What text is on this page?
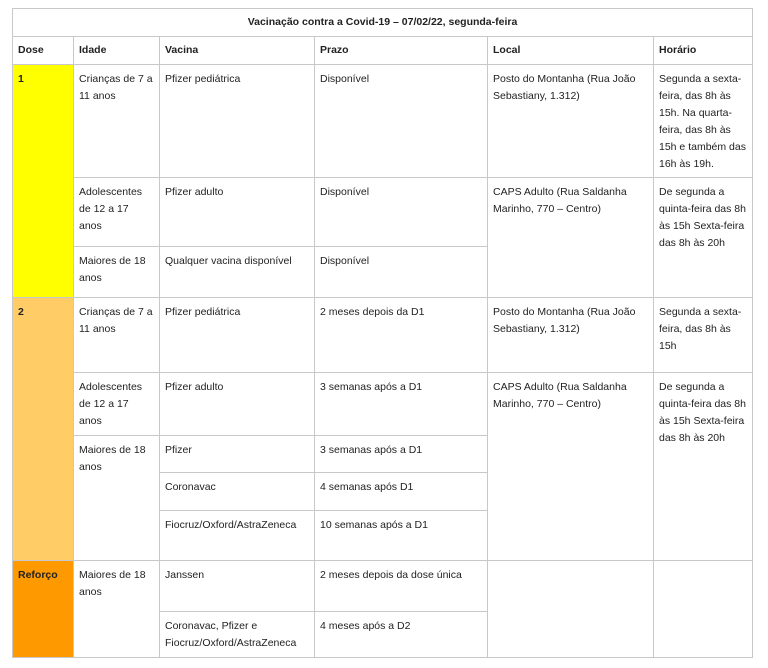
Vacinação contra a Covid-19 – 07/02/22, segunda-feira					
Dose	Idade	Vacina	Prazo	Local	Horário
1	Crianças de 7 a 11 anos	Pfizer pediátrica	Disponível	Posto do Montanha (Rua João Sebastiany, 1.312)	Segunda a sexta-feira, das 8h às 15h. Na quarta-feira, das 8h às 15h e também das 16h às 19h.
	Adolescentes de 12 a 17 anos	Pfizer adulto	Disponível	CAPS Adulto (Rua Saldanha Marinho, 770 – Centro)	De segunda a quinta-feira das 8h às 15h Sexta-feira das 8h às 20h
	Maiores de 18 anos	Qualquer vacina disponível	Disponível		
2	Crianças de 7 a 11 anos	Pfizer pediátrica	2 meses depois da D1	Posto do Montanha (Rua João Sebastiany, 1.312)	Segunda a sexta-feira, das 8h às 15h
	Adolescentes de 12 a 17 anos	Pfizer adulto	3 semanas após a D1	CAPS Adulto (Rua Saldanha Marinho, 770 – Centro)	De segunda a quinta-feira das 8h às 15h Sexta-feira das 8h às 20h
	Maiores de 18 anos	Pfizer	3 semanas após a D1		
		Coronavac	4 semanas após D1		
		Fiocruz/Oxford/AstraZeneca	10 semanas após a D1		
Reforço	Maiores de 18 anos	Janssen	2 meses depois da dose única		
		Coronavac, Pfizer e Fiocruz/Oxford/AstraZeneca	4 meses após a D2		
